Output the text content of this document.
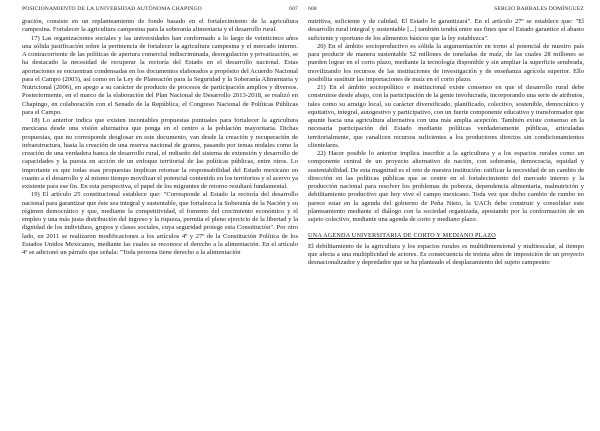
POSICIONAMIENTO DE LA UNIVERSIDAD AUTÓNOMA CHAPINGO	607

gración, consiste en un replanteamiento de fondo basado en el fortalecimiento de la agricultura campesina. Fortalecer la agricultura campesina para la soberanía alimentaria y el desarrollo rural.

17) Las organizaciones sociales y las universidades han conformado a lo largo de veinticinco años una sólida justificación sobre la pertinencia de fortalecer la agricultura campesina y el mercado interno. A contracorriente de las políticas de apertura comercial indiscriminada, desregulación y privatización, se ha destacado la necesidad de recuperar la rectoría del Estado en el desarrollo nacional. Estas aportaciones se encuentran condensadas en los documentos elaborados a propósito del Acuerdo Nacional para el Campo (2003), así como en la Ley de Planeación para la Seguridad y la Soberanía Alimentaria y Nutricional (2006), en apego a su carácter de producto de procesos de participación amplios y diversos. Posteriormente, en el marco de la elaboración del Plan Nacional de Desarrollo 2013-2018, se realizó en Chapingo, en colaboración con el Senado de la República, el Congreso Nacional de Políticas Públicas para el Campo.

18) Lo anterior indica que existen incontables propuestas puntuales para fortalecer la agricultura mexicana desde una visión alternativa que ponga en el centro a la población mayoritaria. Dichas propuestas, que no corresponde desglosar en este documento, van desde la creación y recuperación de infraestructura, hasta la creación de una reserva nacional de granos, pasando por temas nodales como la creación de una verdadera banca de desarrollo rural, el rediseño del sistema de extensión y desarrollo de capacidades y la puesta en acción de un enfoque territorial de las políticas públicas, entre otros. Lo importante es que todas esas propuestas implican retomar la responsabilidad del Estado mexicano en cuanto a el desarrollo y al mismo tiempo movilizar el potencial contenido en los territorios y el acervo ya existente para ese fin. En esta perspectiva, el papel de los migrantes de retorno resultará fundamental.

19) El artículo 25 constitucional establece que: "Corresponde al Estado la rectoría del desarrollo nacional para garantizar que éste sea integral y sustentable, que fortalezca la Soberanía de la Nación y su régimen democrático y que, mediante la competitividad, el fomento del crecimiento económico y el empleo y una más justa distribución del ingreso y la riqueza, permita el pleno ejercicio de la libertad y la dignidad de los individuos, grupos y clases sociales, cuya seguridad protege esta Constitución". Por otro lado, en 2011 se realizaron modificaciones a los artículos 4º y 27º de la Constitución Política de los Estados Unidos Mexicanos, mediante las cuales se reconoce el derecho a la alimentación. En el artículo 4º se adicionó un párrafo que señala: "Toda persona tiene derecho a la alimentación

608	SERGIO BARRALES DOMÍNGUEZ

nutritiva, suficiente y de calidad. El Estado lo garantizará". En el artículo 27º se establece que: "El desarrollo rural integral y sustentable [...] también tendrá entre sus fines que el Estado garantice el abasto suficiente y oportuno de los alimentos básicos que la ley establezca".

20) En el ámbito socioproductivo es sólida la argumentación en torno al potencial de nuestro país para producir de manera sustentable 52 millones de toneladas de maíz, de las cuales 28 millones se pueden lograr en el corto plazo, mediante la tecnología disponible y sin ampliar la superficie sembrada, movilizando los recursos de las instituciones de investigación y de enseñanza agrícola superior. Ello posibilita sustituir las importaciones de maíz en el corto plazo.

21) En el ámbito sociopolítico e institucional existe consenso en que el desarrollo rural debe construirse desde abajo, con la participación de la gente involucrada, incorporando una serie de atributos, tales como su arraigo local, su carácter diversificado, planificado, colectivo, sostenible, democrático y equitativo, integral, autogestivo y participativo, con un fuerte componente educativo y transformador que apunte hacia una agricultura alternativa con una más amplia acepción. También existe consenso en la necesaria participación del Estado mediante políticas verdaderamente públicas, articuladas territorialmente, que canalicen recursos suficientes a los productores directos sin condicionamientos clientelares.

22) Hacer posible lo anterior implica inscribir a la agricultura y a los espacios rurales como un componente central de un proyecto alternativo de nación, con soberanía, democracia, equidad y sustentabilidad. De esta magnitud es el reto de nuestra institución: ratificar la necesidad de un cambio de dirección en las políticas públicas que se centre en el fortalecimiento del mercado interno y la producción nacional para resolver los problemas de pobreza, dependencia alimentaria, malnutrición y debilitamiento productivo que hoy vive el campo mexicano. Toda vez que dicho cambio de rumbo no parece estar en la agenda del gobierno de Peña Nieto, la UACh debe construir y consolidar este planteamiento mediante el diálogo con la sociedad organizada, apostando por la conformación de un sujeto colectivo, mediante una agenda de corto y mediano plazo.

UNA AGENDA UNIVERSITARIA DE CORTO Y MEDIANO PLAZO

El debilitamiento de la agricultura y los espacios rurales es multidimensional y multiescalar, al tiempo que afecta a una multiplicidad de actores. Es consecuencia de treinta años de imposición de un proyecto desnacionalizador y depredador que se ha planteado el desplazamiento del sujeto campesino
